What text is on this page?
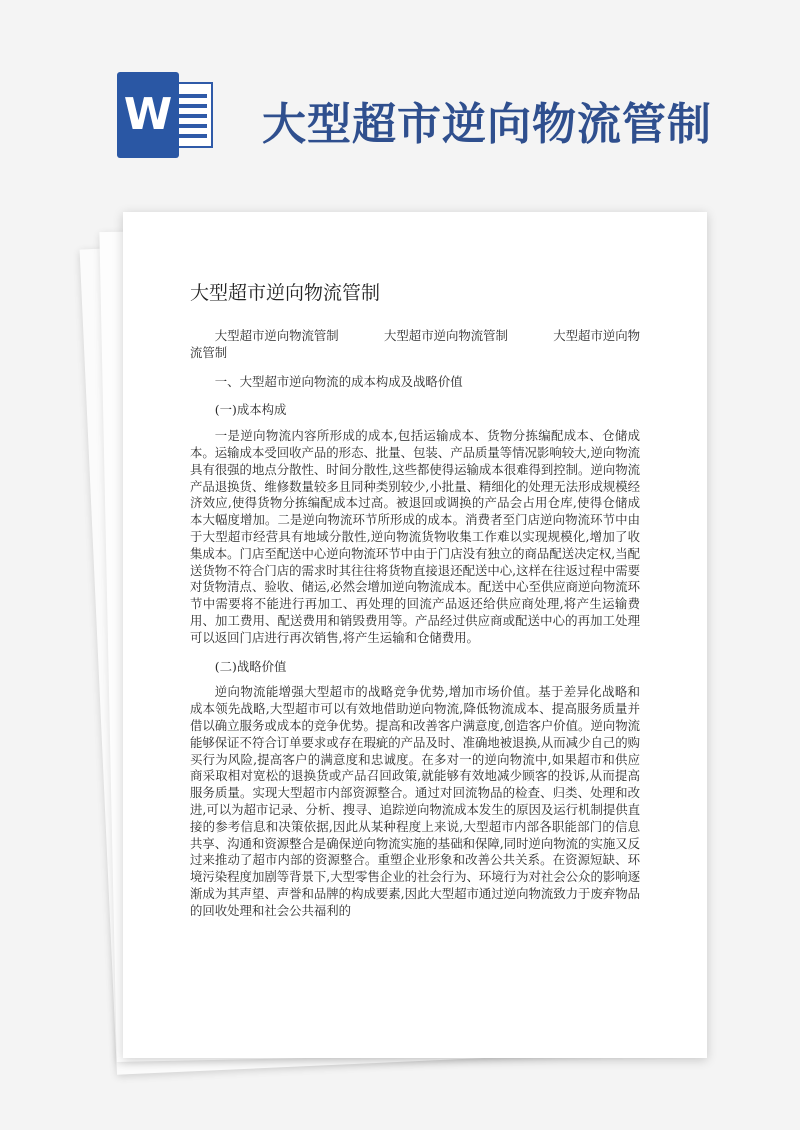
W 大型超市逆向物流管制
大型超市逆向物流管制

大型超市逆向物流管制	大型超市逆向物流管制	大型超市逆向物

流管制

一、大型超市逆向物流的成本构成及战略价值

(一)成本构成

一是逆向物流内容所形成的成本,包括运输成本、货物分拣编配成本、仓储成本。运输成本受回收产品的形态、批量、包装、产品质量等情况影响较大,逆向物流具有很强的地点分散性、时间分散性,这些都使得运输成本很难得到控制。逆向物流产品退换货、维修数量较多且同种类别较少,小批量、精细化的处理无法形成规模经济效应,使得货物分拣编配成本过高。被退回或调换的产品会占用仓库,使得仓储成本大幅度增加。二是逆向物流环节所形成的成本。消费者至门店逆向物流环节中由于大型超市经营具有地域分散性,逆向物流货物收集工作难以实现规模化,增加了收集成本。门店至配送中心逆向物流环节中由于门店没有独立的商品配送决定权,当配送货物不符合门店的需求时其往往将货物直接退还配送中心,这样在往返过程中需要对货物清点、验收、储运,必然会增加逆向物流成本。配送中心至供应商逆向物流环节中需要将不能进行再加工、再处理的回流产品返还给供应商处理,将产生运输费用、加工费用、配送费用和销毁费用等。产品经过供应商或配送中心的再加工处理可以返回门店进行再次销售,将产生运输和仓储费用。

(二)战略价值

逆向物流能增强大型超市的战略竞争优势,增加市场价值。基于差异化战略和成本领先战略,大型超市可以有效地借助逆向物流,降低物流成本、提高服务质量并借以确立服务或成本的竞争优势。提高和改善客户满意度,创造客户价值。逆向物流能够保证不符合订单要求或存在瑕疵的产品及时、准确地被退换,从而减少自己的购买行为风险,提高客户的满意度和忠诚度。在多对一的逆向物流中,如果超市和供应商采取相对宽松的退换货或产品召回政策,就能够有效地减少顾客的投诉,从而提高服务质量。实现大型超市内部资源整合。通过对回流物品的检查、归类、处理和改进,可以为超市记录、分析、搜寻、追踪逆向物流成本发生的原因及运行机制提供直接的参考信息和决策依据,因此从某种程度上来说,大型超市内部各职能部门的信息共享、沟通和资源整合是确保逆向物流实施的基础和保障,同时逆向物流的实施又反过来推动了超市内部的资源整合。重塑企业形象和改善公共关系。在资源短缺、环境污染程度加剧等背景下,大型零售企业的社会行为、环境行为对社会公众的影响逐渐成为其声望、声誉和品牌的构成要素,因此大型超市通过逆向物流致力于废弃物品的回收处理和社会公共福利的
